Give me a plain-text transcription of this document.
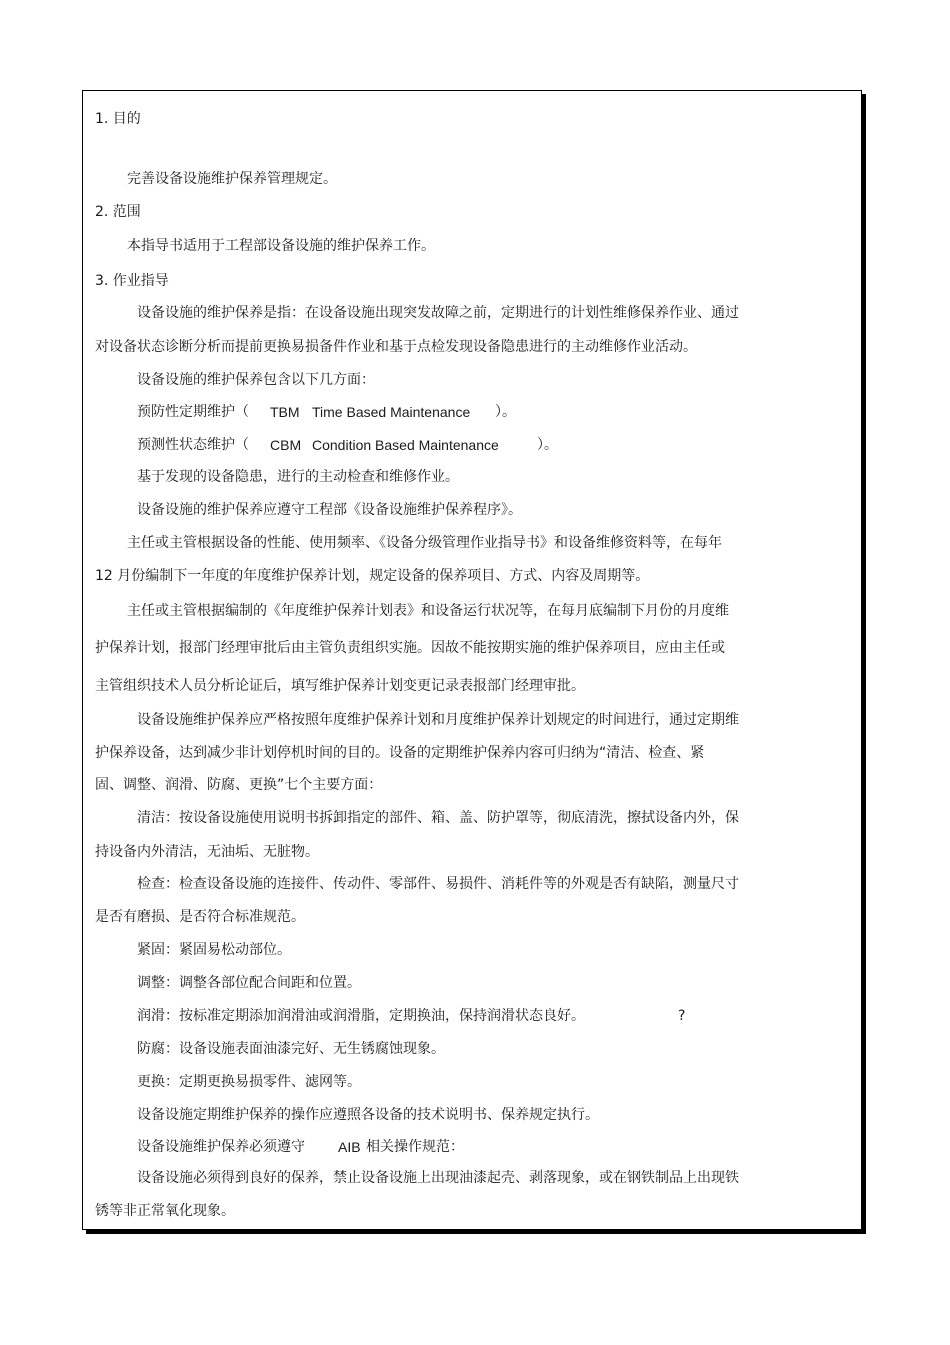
1. 目的
完善设备设施维护保养管理规定。
2. 范围
本指导书适用于工程部设备设施的维护保养工作。
3. 作业指导
设备设施的维护保养是指：在设备设施出现突发故障之前，定期进行的计划性维修保养作业、通过
对设备状态诊断分析而提前更换易损备件作业和基于点检发现设备隐患进行的主动维修作业活动。
设备设施的维护保养包含以下几方面：
预防性定期维护（ TBM Time Based Maintenance ）。
预测性状态维护（ CBM Condition Based Maintenance	）。
基于发现的设备隐患，进行的主动检查和维修作业。
设备设施的维护保养应遵守工程部《设备设施维护保养程序》。
主任或主管根据设备的性能、使用频率、《设备分级管理作业指导书》和设备维修资料等，在每年
12 月份编制下一年度的年度维护保养计划，规定设备的保养项目、方式、内容及周期等。
主任或主管根据编制的《年度维护保养计划表》和设备运行状况等，在每月底编制下月份的月度维
护保养计划，报部门经理审批后由主管负责组织实施。因故不能按期实施的维护保养项目，应由主任或
主管组织技术人员分析论证后，填写维护保养计划变更记录表报部门经理审批。
设备设施维护保养应严格按照年度维护保养计划和月度维护保养计划规定的时间进行，通过定期维
护保养设备，达到减少非计划停机时间的目的。设备的定期维护保养内容可归纳为“清洁、检查、紧
固、调整、润滑、防腐、更换”七个主要方面：
清洁：按设备设施使用说明书拆卸指定的部件、箱、盖、防护罩等，彻底清洗，擦拭设备内外，保
持设备内外清洁，无油垢、无脏物。
检查：检查设备设施的连接件、传动件、零部件、易损件、消耗件等的外观是否有缺陷，测量尺寸
是否有磨损、是否符合标准规范。
紧固：紧固易松动部位。
调整：调整各部位配合间距和位置。
润滑：按标准定期添加润滑油或润滑脂，定期换油，保持润滑状态良好。	?
防腐：设备设施表面油漆完好、无生锈腐蚀现象。
更换：定期更换易损零件、滤网等。
设备设施定期维护保养的操作应遵照各设备的技术说明书、保养规定执行。
设备设施维护保养必须遵守 AIB 相关操作规范：
设备设施必须得到良好的保养，禁止设备设施上出现油漆起壳、剥落现象，或在钢铁制品上出现铁
锈等非正常氧化现象。
